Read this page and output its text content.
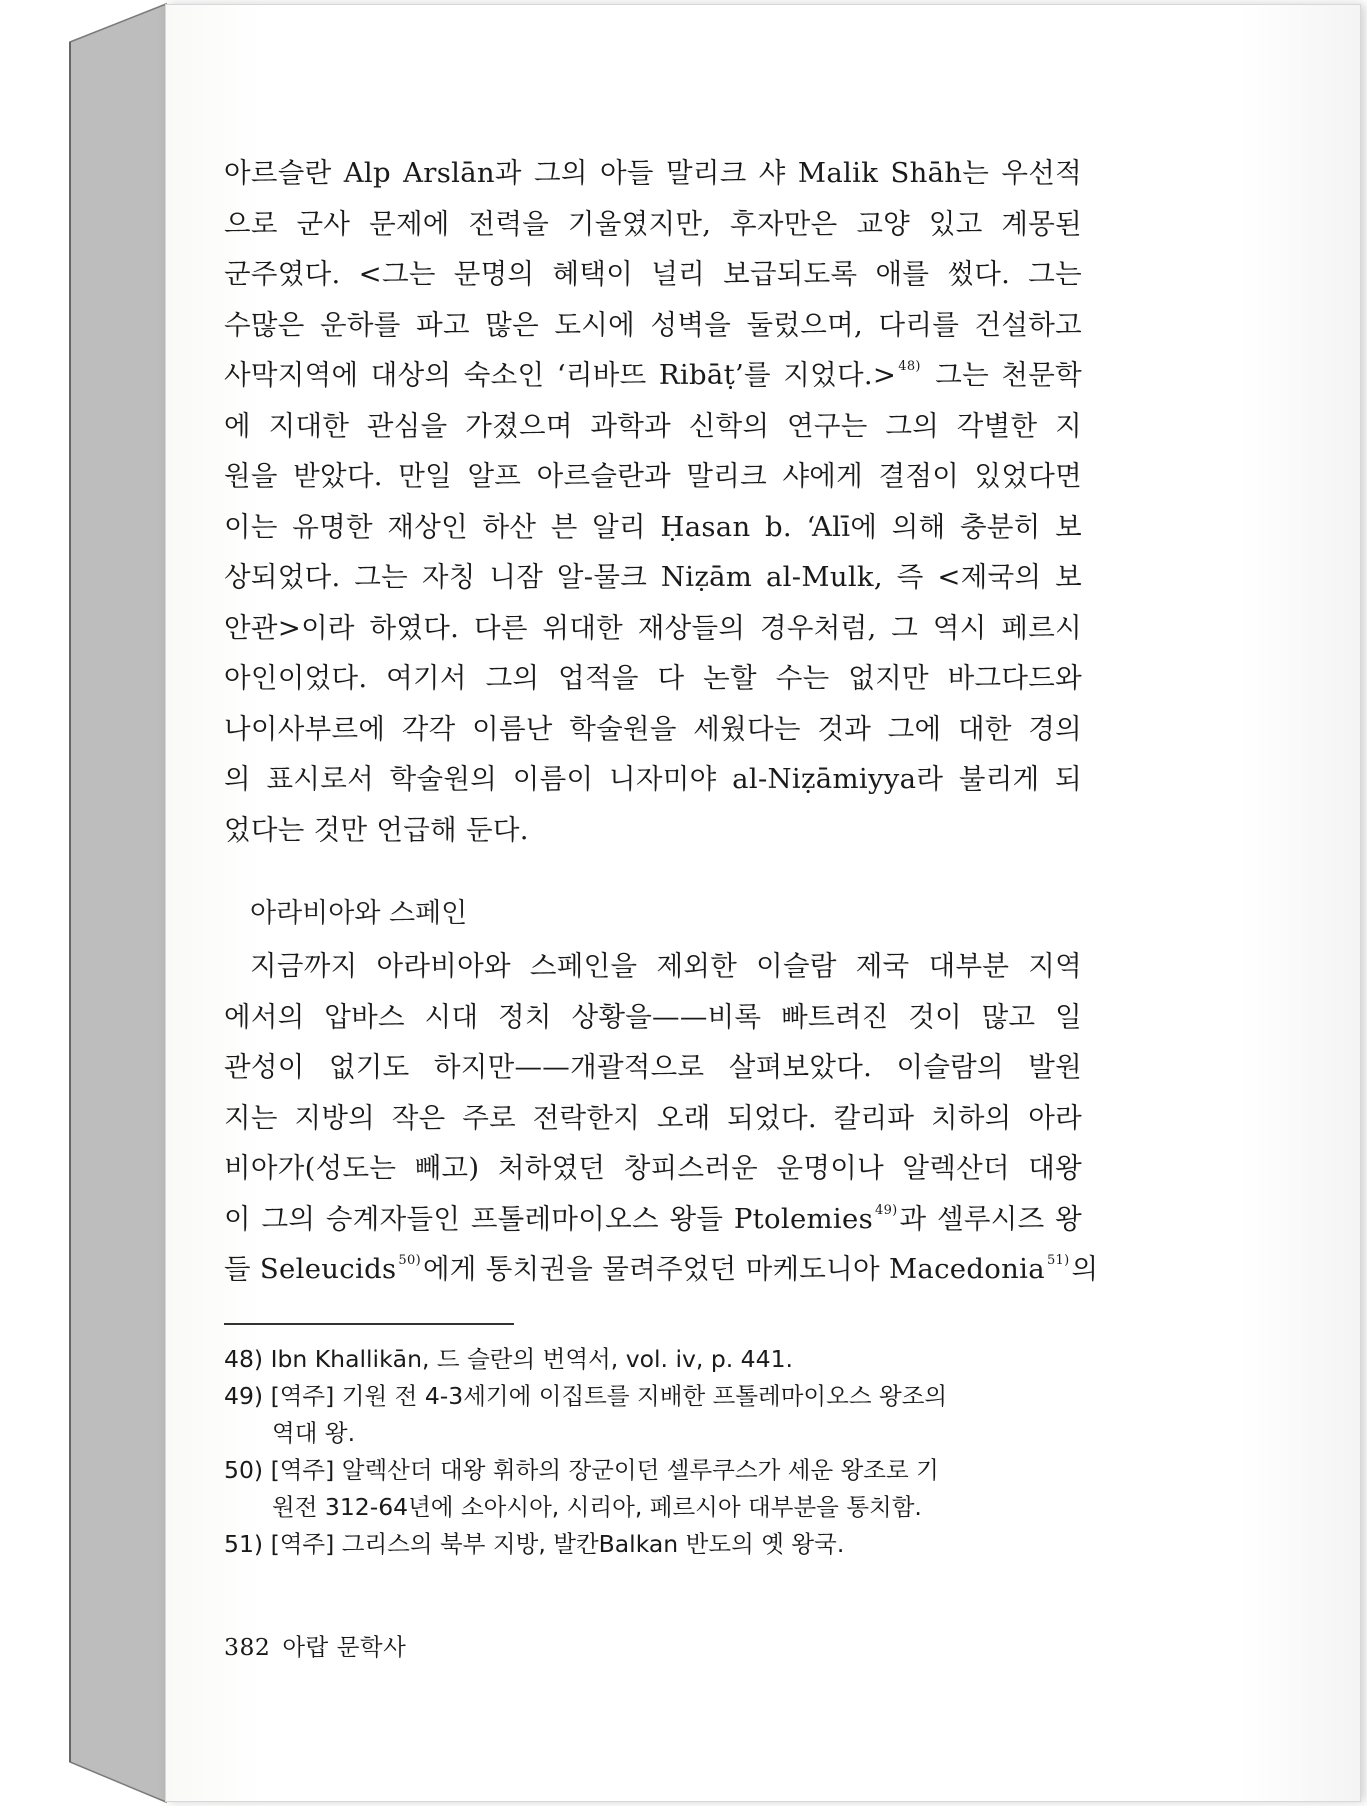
아르슬란 Alp Arslān과 그의 아들 말리크 샤 Malik Shāh는 우선적
으로 군사 문제에 전력을 기울였지만, 후자만은 교양 있고 계몽된
군주였다. <그는 문명의 혜택이 널리 보급되도록 애를 썼다. 그는
수많은 운하를 파고 많은 도시에 성벽을 둘렀으며, 다리를 건설하고
사막지역에 대상의 숙소인 ‘리바뜨 Ribāṭ’를 지었다.> $^{48)}$ 그는 천문학
에 지대한 관심을 가졌으며 과학과 신학의 연구는 그의 각별한 지
원을 받았다. 만일 알프 아르슬란과 말리크 샤에게 결점이 있었다면
이는 유명한 재상인 하산 븐 알리 Ḥasan b. ‘Alī에 의해 충분히 보
상되었다. 그는 자칭 니잠 알-물크 Niẓām al-Mulk, 즉 <제국의 보
안관>이라 하였다. 다른 위대한 재상들의 경우처럼, 그 역시 페르시
아인이었다. 여기서 그의 업적을 다 논할 수는 없지만 바그다드와
나이사부르에 각각 이름난 학술원을 세웠다는 것과 그에 대한 경의
의 표시로서 학술원의 이름이 니자미야 al-Niẓāmiyya라 불리게 되
었다는 것만 언급해 둔다.

아라비아와 스페인

지금까지 아라비아와 스페인을 제외한 이슬람 제국 대부분 지역
에서의 압바스 시대 정치 상황을——비록 빠트려진 것이 많고 일
관성이 없기도 하지만——개괄적으로 살펴보았다. 이슬람의 발원
지는 지방의 작은 주로 전락한지 오래 되었다. 칼리파 치하의 아라
비아가(성도는 빼고) 처하였던 창피스러운 운명이나 알렉산더 대왕
이 그의 승계자들인 프톨레마이오스 왕들 Ptolemies $^{49)}$과 셀루시즈 왕
들 Seleucids $^{50)}$에게 통치권을 물려주었던 마케도니아 Macedonia $^{51)}$의

48) Ibn Khallikān, 드 슬란의 번역서, vol. iv, p. 441.

49) [역주] 기원 전 4-3세기에 이집트를 지배한 프톨레마이오스 왕조의
역대 왕.

50) [역주] 알렉산더 대왕 휘하의 장군이던 셀루쿠스가 세운 왕조로 기
원전 312-64년에 소아시아, 시리아, 페르시아 대부분을 통치함.

51) [역주] 그리스의 북부 지방, 발칸Balkan 반도의 옛 왕국.

382 아랍 문학사
